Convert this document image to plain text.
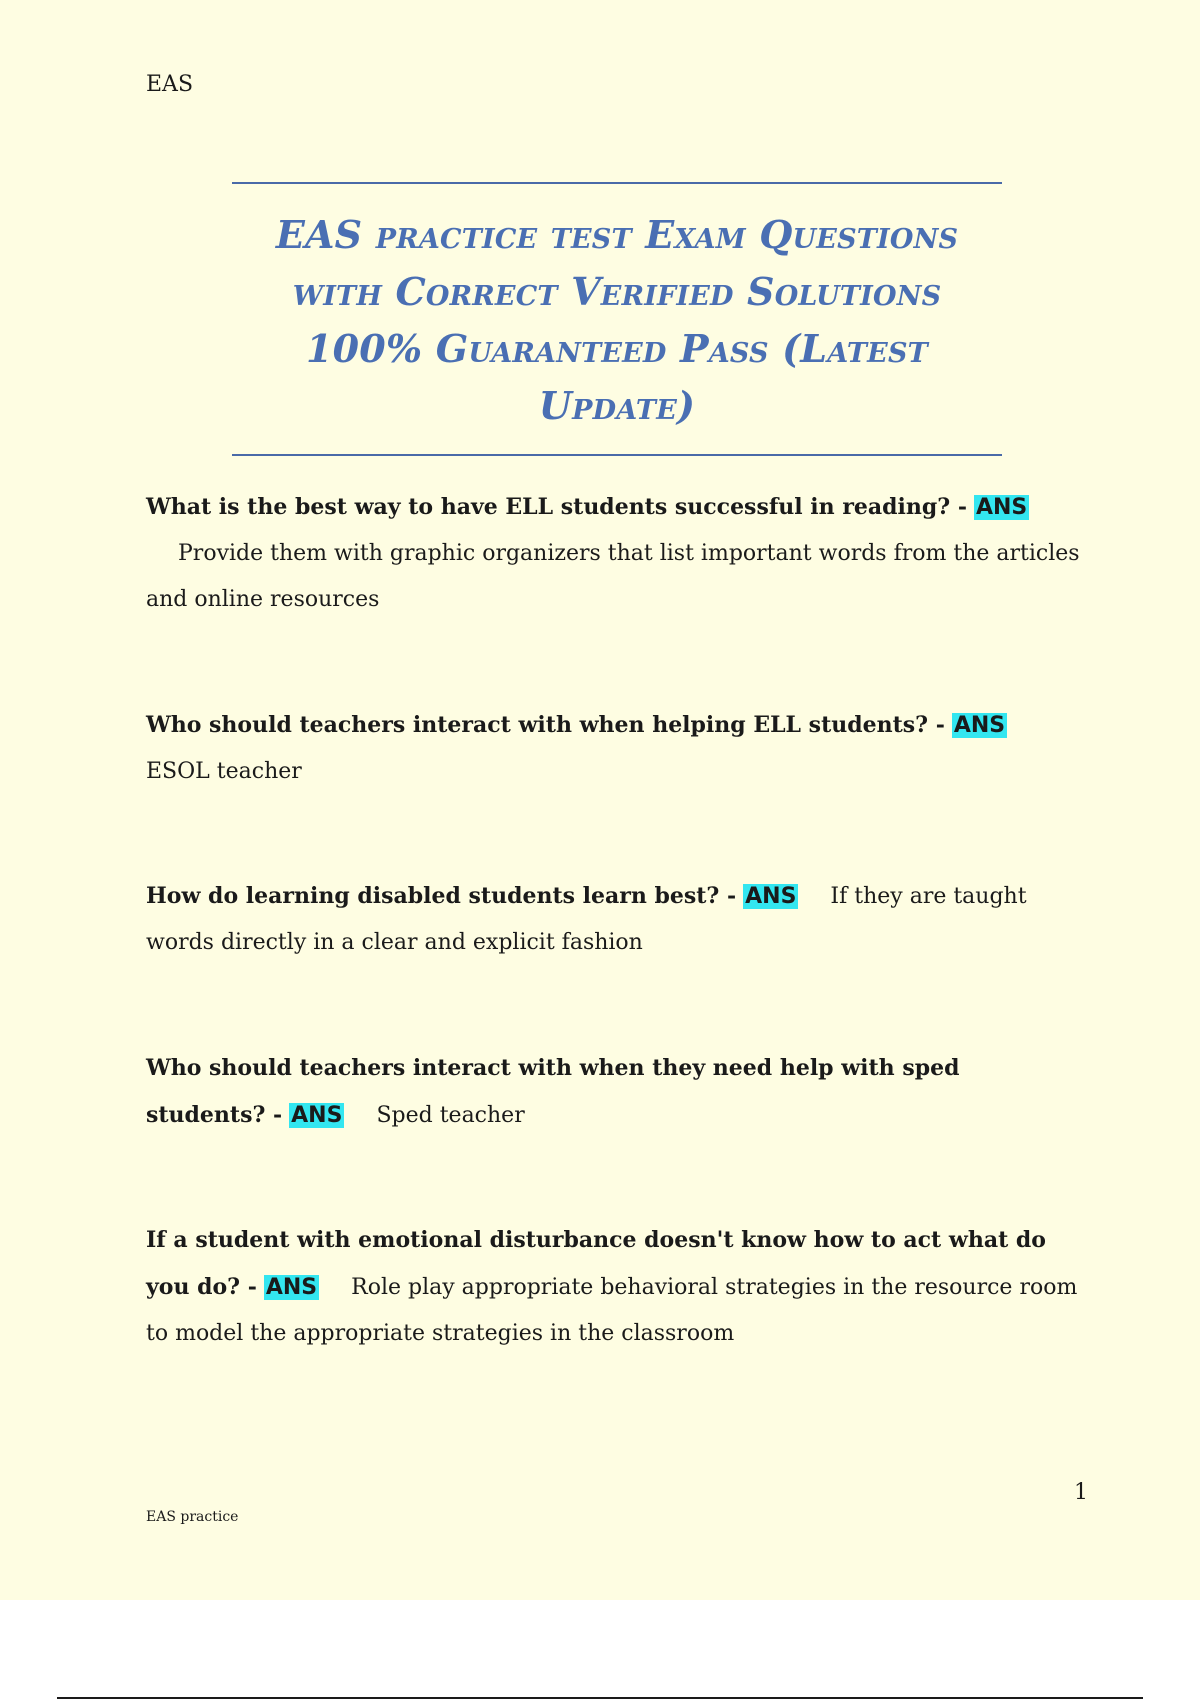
EAS
EAS practice test Exam Questions with Correct Verified Solutions 100% Guaranteed Pass (Latest Update)
What is the best way to have ELL students successful in reading? - ANS
Provide them with graphic organizers that list important words from the articles and online resources
Who should teachers interact with when helping ELL students? - ANSESOL teacher
How do learning disabled students learn best? - ANS If they are taught words directly in a clear and explicit fashion
Who should teachers interact with when they need help with sped students? - ANS Sped teacher
If a student with emotional disturbance doesn't know how to act what do you do? - ANS Role play appropriate behavioral strategies in the resource room to model the appropriate strategies in the classroom
1
EAS practice
